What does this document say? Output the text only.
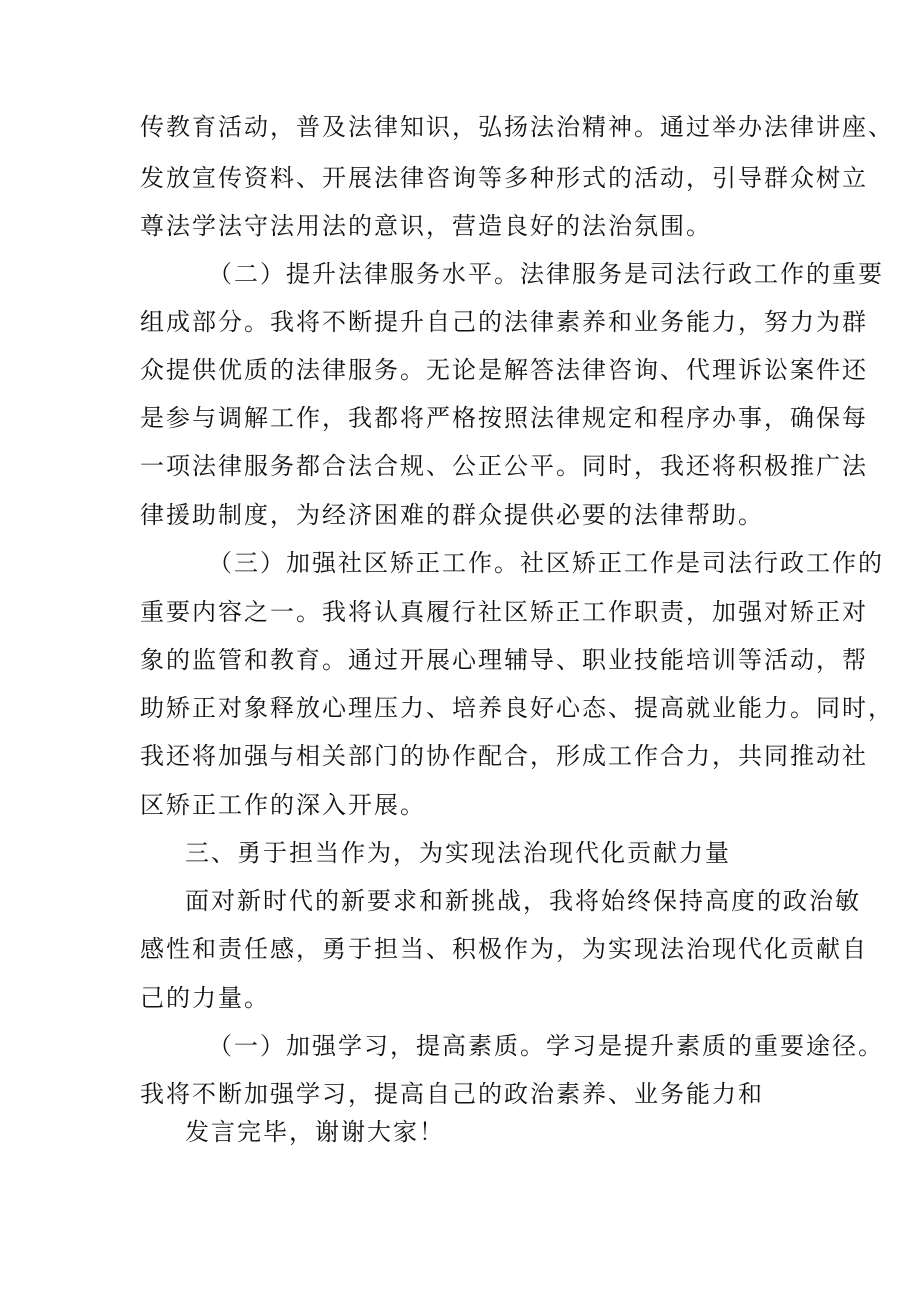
传教育活动，普及法律知识，弘扬法治精神。通过举办法律讲座、
发放宣传资料、开展法律咨询等多种形式的活动，引导群众树立
尊法学法守法用法的意识，营造良好的法治氛围。
（二）提升法律服务水平。法律服务是司法行政工作的重要
组成部分。我将不断提升自己的法律素养和业务能力，努力为群
众提供优质的法律服务。无论是解答法律咨询、代理诉讼案件还
是参与调解工作，我都将严格按照法律规定和程序办事，确保每
一项法律服务都合法合规、公正公平。同时，我还将积极推广法
律援助制度，为经济困难的群众提供必要的法律帮助。
（三）加强社区矫正工作。社区矫正工作是司法行政工作的
重要内容之一。我将认真履行社区矫正工作职责，加强对矫正对
象的监管和教育。通过开展心理辅导、职业技能培训等活动，帮
助矫正对象释放心理压力、培养良好心态、提高就业能力。同时，
我还将加强与相关部门的协作配合，形成工作合力，共同推动社
区矫正工作的深入开展。
三、勇于担当作为，为实现法治现代化贡献力量
面对新时代的新要求和新挑战，我将始终保持高度的政治敏
感性和责任感，勇于担当、积极作为，为实现法治现代化贡献自
己的力量。
（一）加强学习，提高素质。学习是提升素质的重要途径。
我将不断加强学习，提高自己的政治素养、业务能力和
发言完毕，谢谢大家！
